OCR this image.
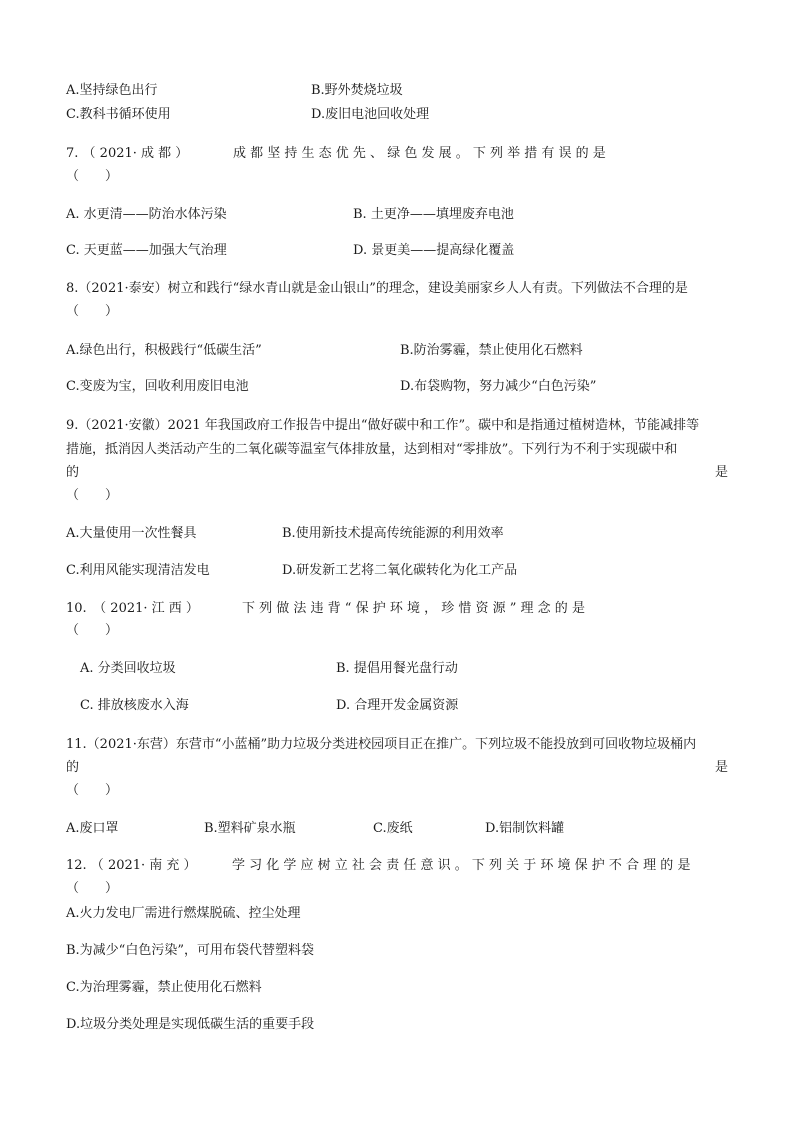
A.坚持绿色出行	B.野外焚烧垃圾
C.教科书循环使用	D.废旧电池回收处理
7. （ 2021· 成 都 ）	成 都 坚 持 生 态 优 先 、 绿 色 发 展 。 下 列 举 措 有 误 的 是
（　　）
A. 水更清——防治水体污染	B. 土更净——填埋废弃电池
C. 天更蓝——加强大气治理	D. 景更美——提高绿化覆盖
8.（2021·泰安）树立和践行“绿水青山就是金山银山”的理念，建设美丽家乡人人有责。下列做法不合理的是
（　　）
A.绿色出行，积极践行“低碳生活”	B.防治雾霾，禁止使用化石燃料
C.变废为宝，回收利用废旧电池	D.布袋购物，努力减少“白色污染”
9.（2021·安徽）2021 年我国政府工作报告中提出“做好碳中和工作”。碳中和是指通过植树造林，节能减排等
措施，抵消因人类活动产生的二氧化碳等温室气体排放量，达到相对“零排放”。下列行为不利于实现碳中和
的	是
（　　）
A.大量使用一次性餐具	B.使用新技术提高传统能源的利用效率
C.利用风能实现清洁发电	D.研发新工艺将二氧化碳转化为化工产品
10.　（ 2021· 江 西 ）	下 列 做 法 违 背 “ 保 护 环 境 ， 珍 惜 资 源 ” 理 念 的 是
（　　）
A. 分类回收垃圾	B. 提倡用餐光盘行动
C. 排放核废水入海	D. 合理开发金属资源
11.（2021·东营）东营市“小蓝桶”助力垃圾分类进校园项目正在推广。下列垃圾不能投放到可回收物垃圾桶内
的	是
（　　）
A.废口罩	B.塑料矿泉水瓶	C.废纸	D.铝制饮料罐
12. （ 2021· 南 充 ）	学 习 化 学 应 树 立 社 会 责 任 意 识 。 下 列 关 于 环 境 保 护 不 合 理 的 是
（　　）
A.火力发电厂需进行燃煤脱硫、控尘处理
B.为减少“白色污染”，可用布袋代替塑料袋
C.为治理雾霾，禁止使用化石燃料
D.垃圾分类处理是实现低碳生活的重要手段
